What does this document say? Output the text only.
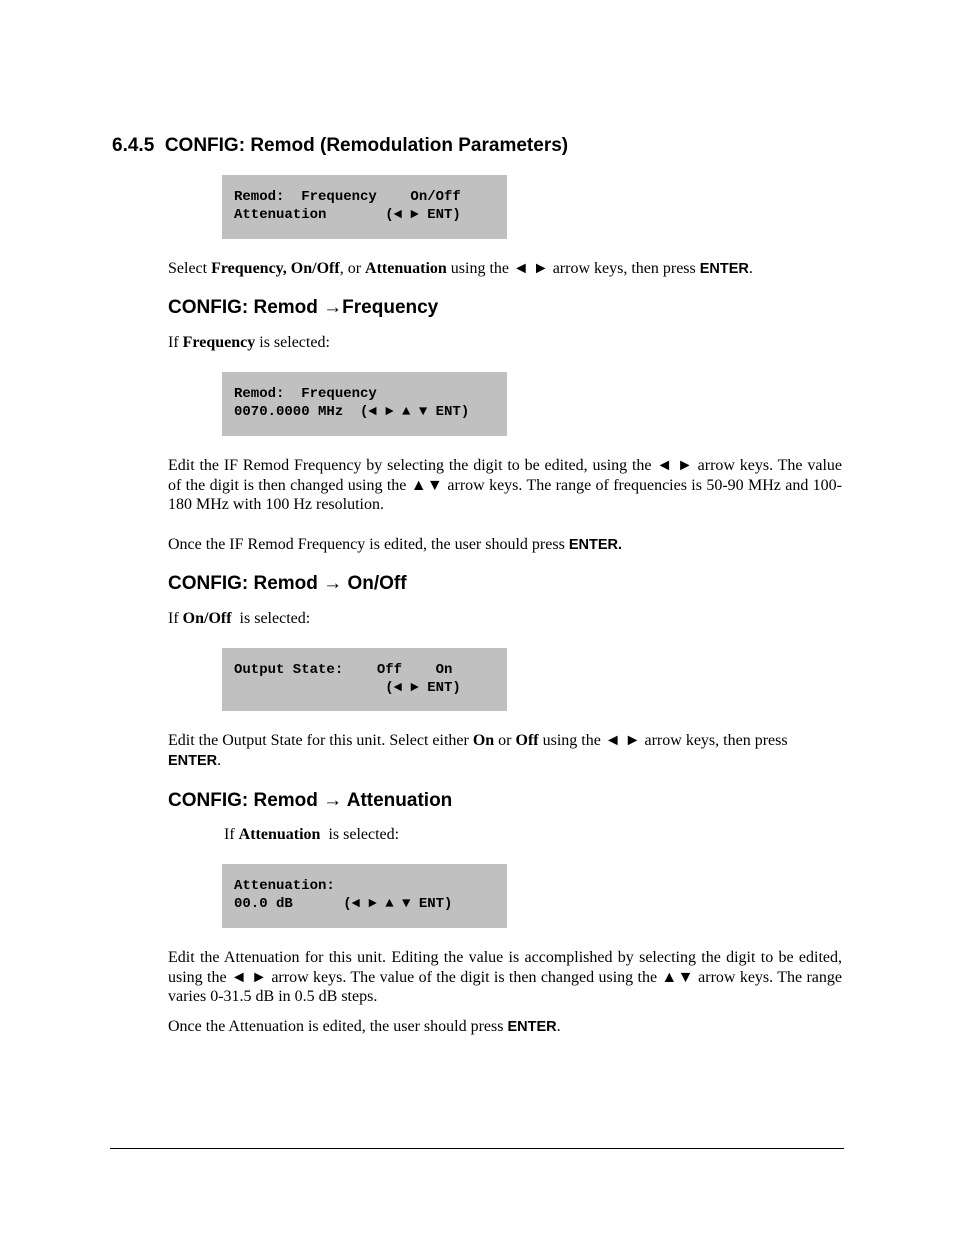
6.4.5 CONFIG: Remod (Remodulation Parameters)
Remod:  Frequency    On/Off
Attenuation       (◄ ► ENT)
Select Frequency, On/Off, or Attenuation using the ◄ ► arrow keys, then press ENTER.
CONFIG: Remod →Frequency
If Frequency is selected:
Remod:  Frequency
0070.0000 MHz  (◄ ► ▲ ▼ ENT)
Edit the IF Remod Frequency by selecting the digit to be edited, using the ◄ ► arrow keys. The value of the digit is then changed using the ▲▼ arrow keys. The range of frequencies is 50-90 MHz and 100-180 MHz with 100 Hz resolution.
Once the IF Remod Frequency is edited, the user should press ENTER.
CONFIG: Remod → On/Off
If On/Off  is selected:
Output State:    Off    On
(◄ ► ENT)
Edit the Output State for this unit. Select either On or Off using the ◄ ► arrow keys, then press
ENTER.
CONFIG: Remod → Attenuation
If Attenuation  is selected:
Attenuation:
00.0 dB      (◄ ► ▲ ▼ ENT)
Edit the Attenuation for this unit. Editing the value is accomplished by selecting the digit to be edited, using the ◄ ► arrow keys. The value of the digit is then changed using the ▲▼ arrow keys. The range varies 0-31.5 dB in 0.5 dB steps.
Once the Attenuation is edited, the user should press ENTER.
